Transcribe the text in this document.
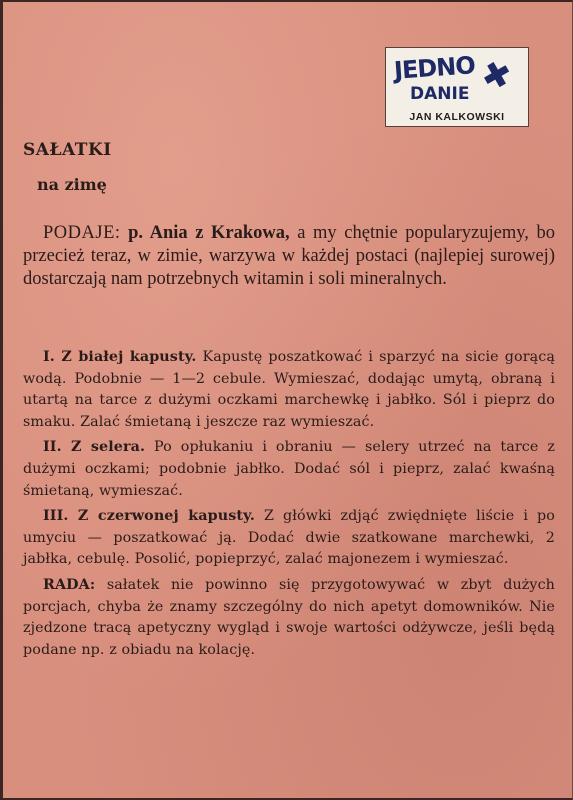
JEDNO
DANIE ✖
JAN KALKOWSKI
SAŁATKI
na zimę
PODAJE: p. Ania z Krakowa, a my chętnie popularyzujemy, bo przecież teraz, w zimie, warzywa w każdej postaci (najlepiej surowej) dostarczają nam potrzebnych witamin i soli mineralnych.

I. Z białej kapusty. Kapustę poszatkować i sparzyć na sicie gorącą wodą. Podobnie — 1—2 cebule. Wymieszać, dodając umytą, obraną i utartą na tarce z dużymi oczkami marchewkę i jabłko. Sól i pieprz do smaku. Zalać śmietaną i jeszcze raz wymieszać.

II. Z selera. Po opłukaniu i obraniu — selery utrzeć na tarce z dużymi oczkami; podobnie jabłko. Dodać sól i pieprz, zalać kwaśną śmietaną, wymieszać.

III. Z czerwonej kapusty. Z główki zdjąć zwiędnięte liście i po umyciu — poszatkować ją. Dodać dwie szatkowane marchewki, 2 jabłka, cebulę. Posolić, popieprzyć, zalać majonezem i wymieszać.

RADA: sałatek nie powinno się przygotowywać w zbyt dużych porcjach, chyba że znamy szczególny do nich apetyt domowników. Nie zjedzone tracą apetyczny wygląd i swoje wartości odżywcze, jeśli będą podane np. z obiadu na kolację.
